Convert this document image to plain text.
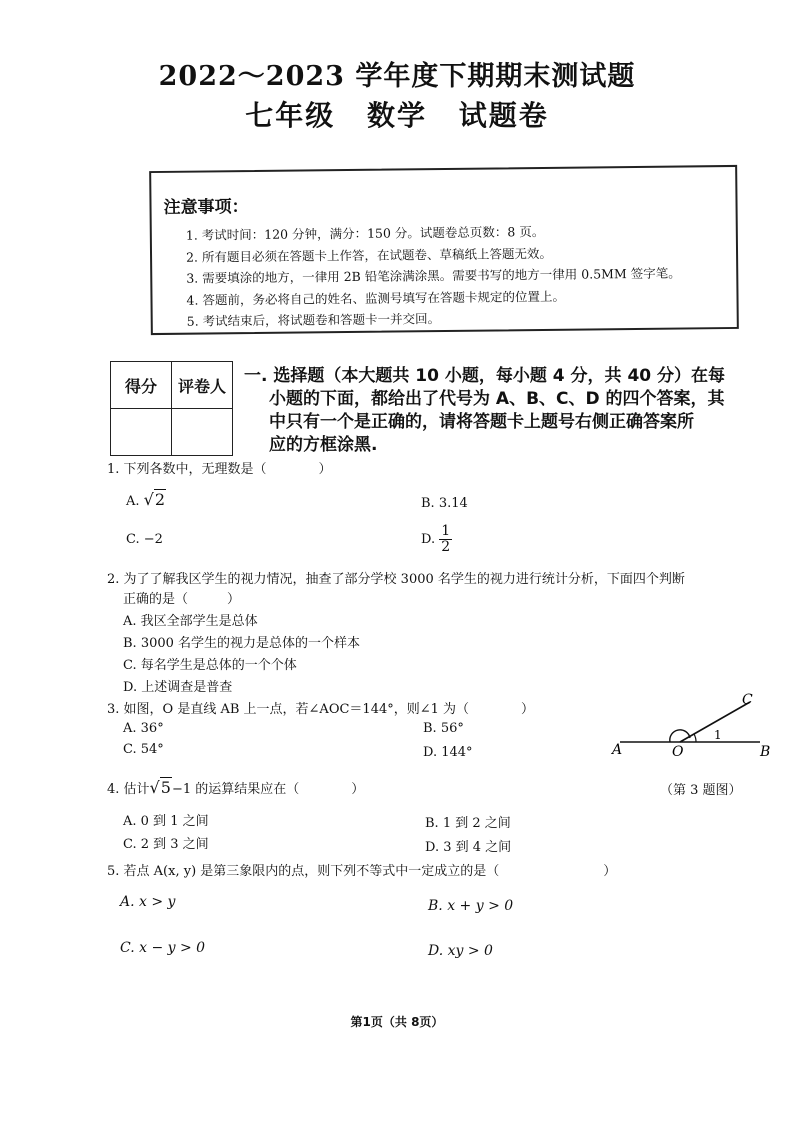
2022～2023 学年度下期期末测试题
七年级 数学 试题卷
注意事项：
1. 考试时间：120 分钟，满分：150 分。试题卷总页数：8 页。
2. 所有题目必须在答题卡上作答，在试题卷、草稿纸上答题无效。
3. 需要填涂的地方，一律用 2B 铅笔涂满涂黑。需要书写的地方一律用 0.5MM 签字笔。
4. 答题前，务必将自己的姓名、监测号填写在答题卡规定的位置上。
5. 考试结束后，将试题卷和答题卡一并交回。
得分	评卷人
	一. 选择题（本大题共 10 小题，每小题 4 分，共 40 分）在每
小题的下面，都给出了代号为 A、B、C、D 的四个答案，其
中只有一个是正确的，请将答题卡上题号右侧正确答案所
应的方框涂黑.
1. 下列各数中，无理数是（　　　　）
A. √2	B. 3.14
C. −2	D. $\frac{1}{2}$
2. 为了了解我区学生的视力情况，抽查了部分学校 3000 名学生的视力进行统计分析，下面四个判断
正确的是（　　　）
A. 我区全部学生是总体
B. 3000 名学生的视力是总体的一个样本
C. 每名学生是总体的一个个体
D. 上述调查是普查
3. 如图，O 是直线 AB 上一点，若∠AOC＝144°，则∠1 为（　　　　）
A. 36°	B. 56°
C. 54°	D. 144°	A	O	B
C
1
（第 3 题图）
4. 估计√5−1 的运算结果应在（　　　　）
A. 0 到 1 之间	B. 1 到 2 之间
C. 2 到 3 之间	D. 3 到 4 之间
5. 若点 A(x, y) 是第三象限内的点，则下列不等式中一定成立的是（　　　　　　　　）
A. x > y	B. x + y > 0
C. x − y > 0	D. xy > 0
第1页（共 8页）
